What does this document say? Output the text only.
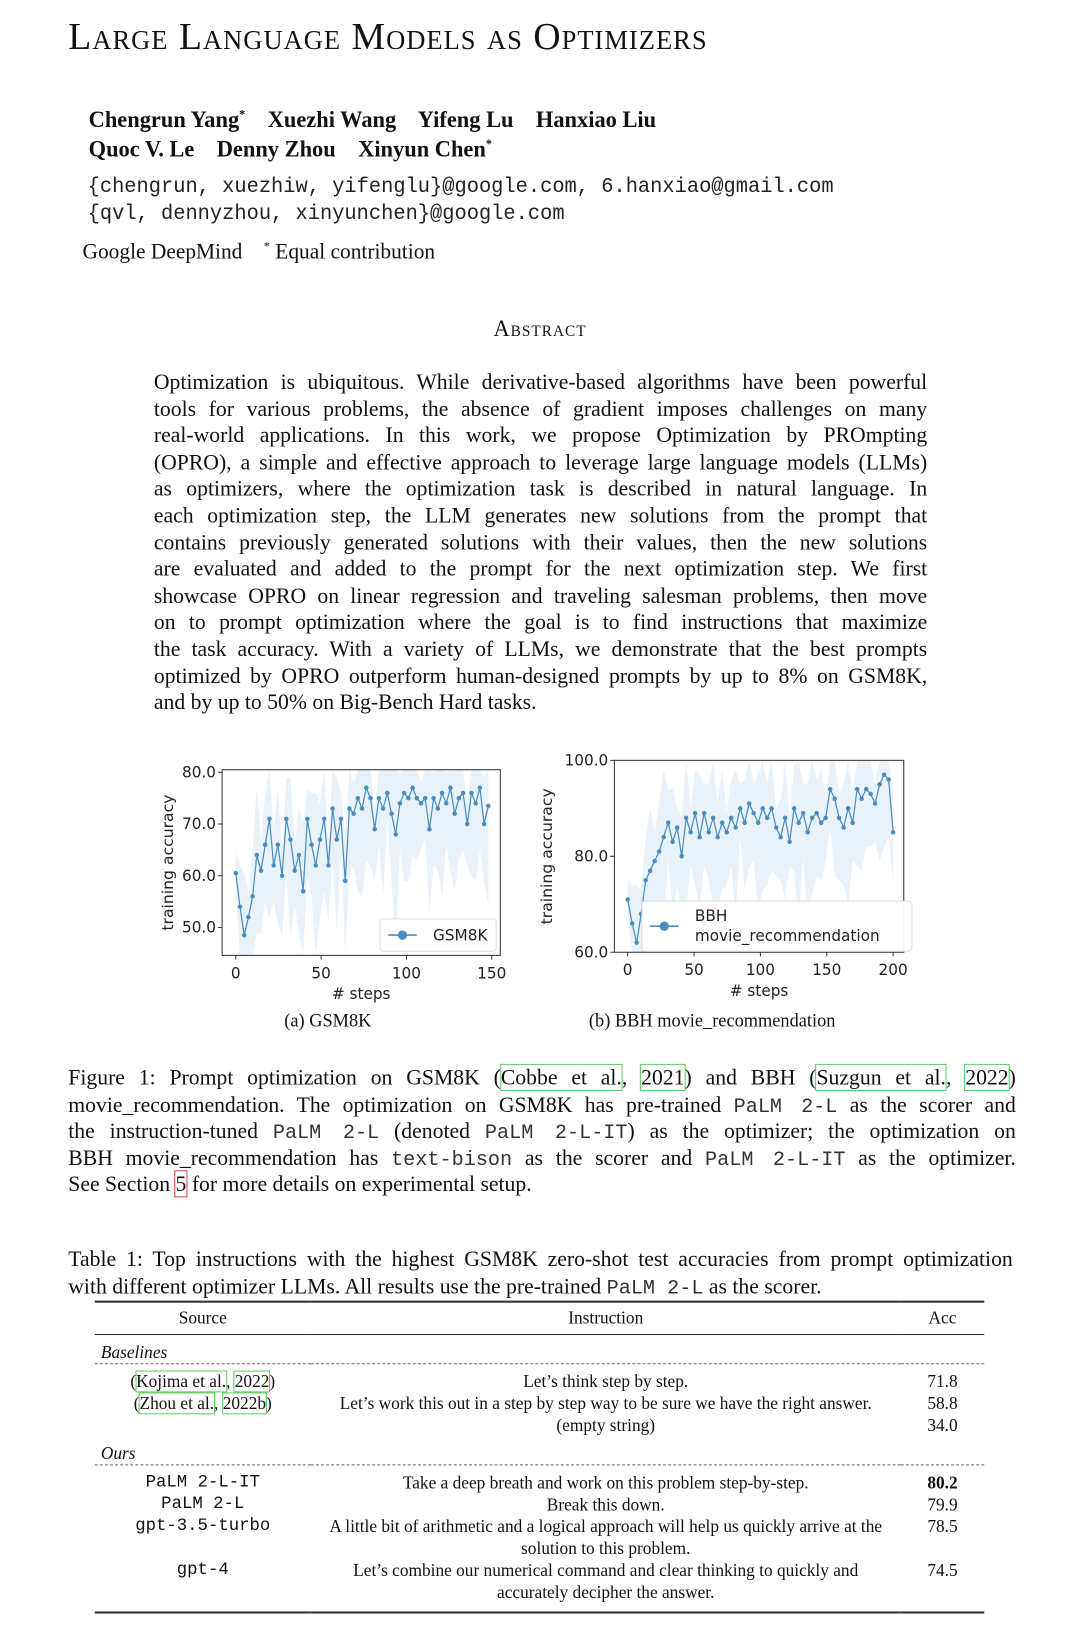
Large Language Models as Optimizers
Chengrun Yang* Xuezhi Wang Yifeng Lu Hanxiao Liu
Quoc V. Le Denny Zhou Xinyun Chen*
{chengrun, xuezhiw, yifenglu}@google.com, 6.hanxiao@gmail.com
{qvl, dennyzhou, xinyunchen}@google.com
Google DeepMind * Equal contribution
Abstract
50.0
60.0
70.0
80.0
0	50	100	150
# steps
training accuracy
GSM8K
60.0
80.0
100.0
0	50	100 150 200
# steps
training accuracy	BBH
movie_recommendation
(a) GSM8K	(b) BBH movie_recommendation
Source	Instruction	Acc
Baselines		
(Kojima et al., 2022)	Let’s think step by step.	71.8
(Zhou et al., 2022b)	Let’s work this out in a step by step way to be sure we have the right answer.	58.8
	(empty string)	34.0
Ours		
PaLM 2-L-IT	Take a deep breath and work on this problem step-by-step.	80.2
PaLM 2-L	Break this down.	79.9
gpt-3.5-turbo	A little bit of arithmetic and a logical approach will help us quickly arrive at the solution to this problem.	78.5
gpt-4	Let’s combine our numerical command and clear thinking to quickly and accurately decipher the answer.	74.5
Optimization is ubiquitous. While derivative-based algorithms have been powerful
tools for various problems, the absence of gradient imposes challenges on many
real-world applications. In this work, we propose Optimization by PROmpting
(OPRO), a simple and effective approach to leverage large language models (LLMs)
as optimizers, where the optimization task is described in natural language. In
each optimization step, the LLM generates new solutions from the prompt that
contains previously generated solutions with their values, then the new solutions
are evaluated and added to the prompt for the next optimization step. We first
showcase OPRO on linear regression and traveling salesman problems, then move
on to prompt optimization where the goal is to find instructions that maximize
the task accuracy. With a variety of LLMs, we demonstrate that the best prompts
optimized by OPRO outperform human-designed prompts by up to 8% on GSM8K,
and by up to 50% on Big-Bench Hard tasks.
Figure 1: Prompt optimization on GSM8K (Cobbe et al., 2021) and BBH (Suzgun et al., 2022)
movie_recommendation. The optimization on GSM8K has pre-trained PaLM 2-L as the scorer and
the instruction-tuned PaLM 2-L (denoted PaLM 2-L-IT) as the optimizer; the optimization on
BBH movie_recommendation has text-bison as the scorer and PaLM 2-L-IT as the optimizer.
See Section 5 for more details on experimental setup.
Table 1: Top instructions with the highest GSM8K zero-shot test accuracies from prompt optimization
with different optimizer LLMs. All results use the pre-trained PaLM 2-L as the scorer.
